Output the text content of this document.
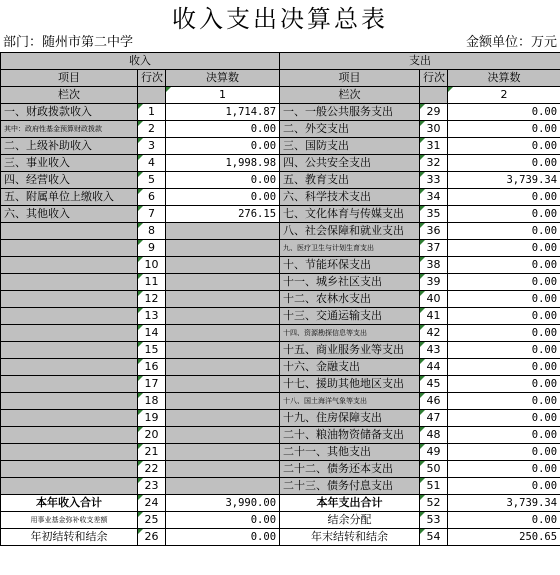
收入支出决算总表
部门：随州市第二中学	金额单位：万元
收入			支出		
项目	行次	决算数	项目	行次	决算数
栏次		1	栏次		2
一、财政拨款收入	1	1,714.87	一、一般公共服务支出	29	0.00
其中：政府性基金预算财政拨款	2	0.00	二、外交支出	30	0.00
二、上级补助收入	3	0.00	三、国防支出	31	0.00
三、事业收入	4	1,998.98	四、公共安全支出	32	0.00
四、经营收入	5	0.00	五、教育支出	33	3,739.34
五、附属单位上缴收入	6	0.00	六、科学技术支出	34	0.00
六、其他收入	7	276.15	七、文化体育与传媒支出	35	0.00
	8		八、社会保障和就业支出	36	0.00
	9		九、医疗卫生与计划生育支出	37	0.00
	10		十、节能环保支出	38	0.00
	11		十一、城乡社区支出	39	0.00
	12		十二、农林水支出	40	0.00
	13		十三、交通运输支出	41	0.00
	14		十四、资源勘探信息等支出	42	0.00
	15		十五、商业服务业等支出	43	0.00
	16		十六、金融支出	44	0.00
	17		十七、援助其他地区支出	45	0.00
	18		十八、国土海洋气象等支出	46	0.00
	19		十九、住房保障支出	47	0.00
	20		二十、粮油物资储备支出	48	0.00
	21		二十一、其他支出	49	0.00
	22		二十二、债务还本支出	50	0.00
	23		二十三、债务付息支出	51	0.00
本年收入合计	24	3,990.00	本年支出合计	52	3,739.34
用事业基金弥补收支差额	25	0.00	结余分配	53	0.00
年初结转和结余	26	0.00	年末结转和结余	54	250.65
